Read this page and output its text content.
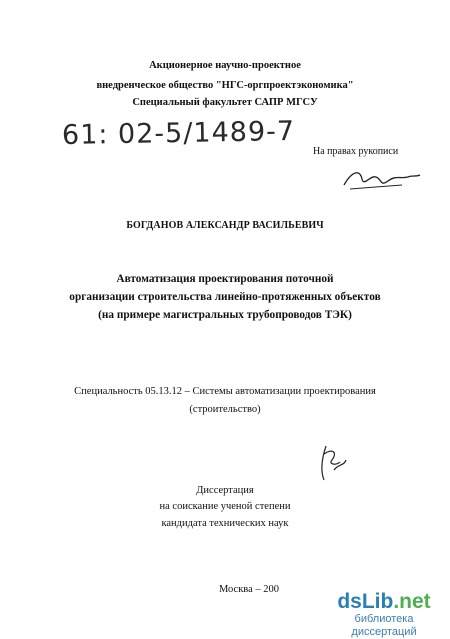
Акционерное научно-проектное
внедренческое общество "НГС-оргпроектэкономика"
Специальный факультет САПР МГСУ
61: 02-5/1489-7
На правах рукописи
БОГДАНОВ АЛЕКСАНДР ВАСИЛЬЕВИЧ
Автоматизация проектирования поточной
организации строительства линейно-протяженных объектов
(на примере магистральных трубопроводов ТЭК)
Специальность 05.13.12 – Системы автоматизации проектирования
(строительство)
Диссертация
на соискание ученой степени
кандидата технических наук
Москва – 200
dsLib.net
библиотека диссертаций
